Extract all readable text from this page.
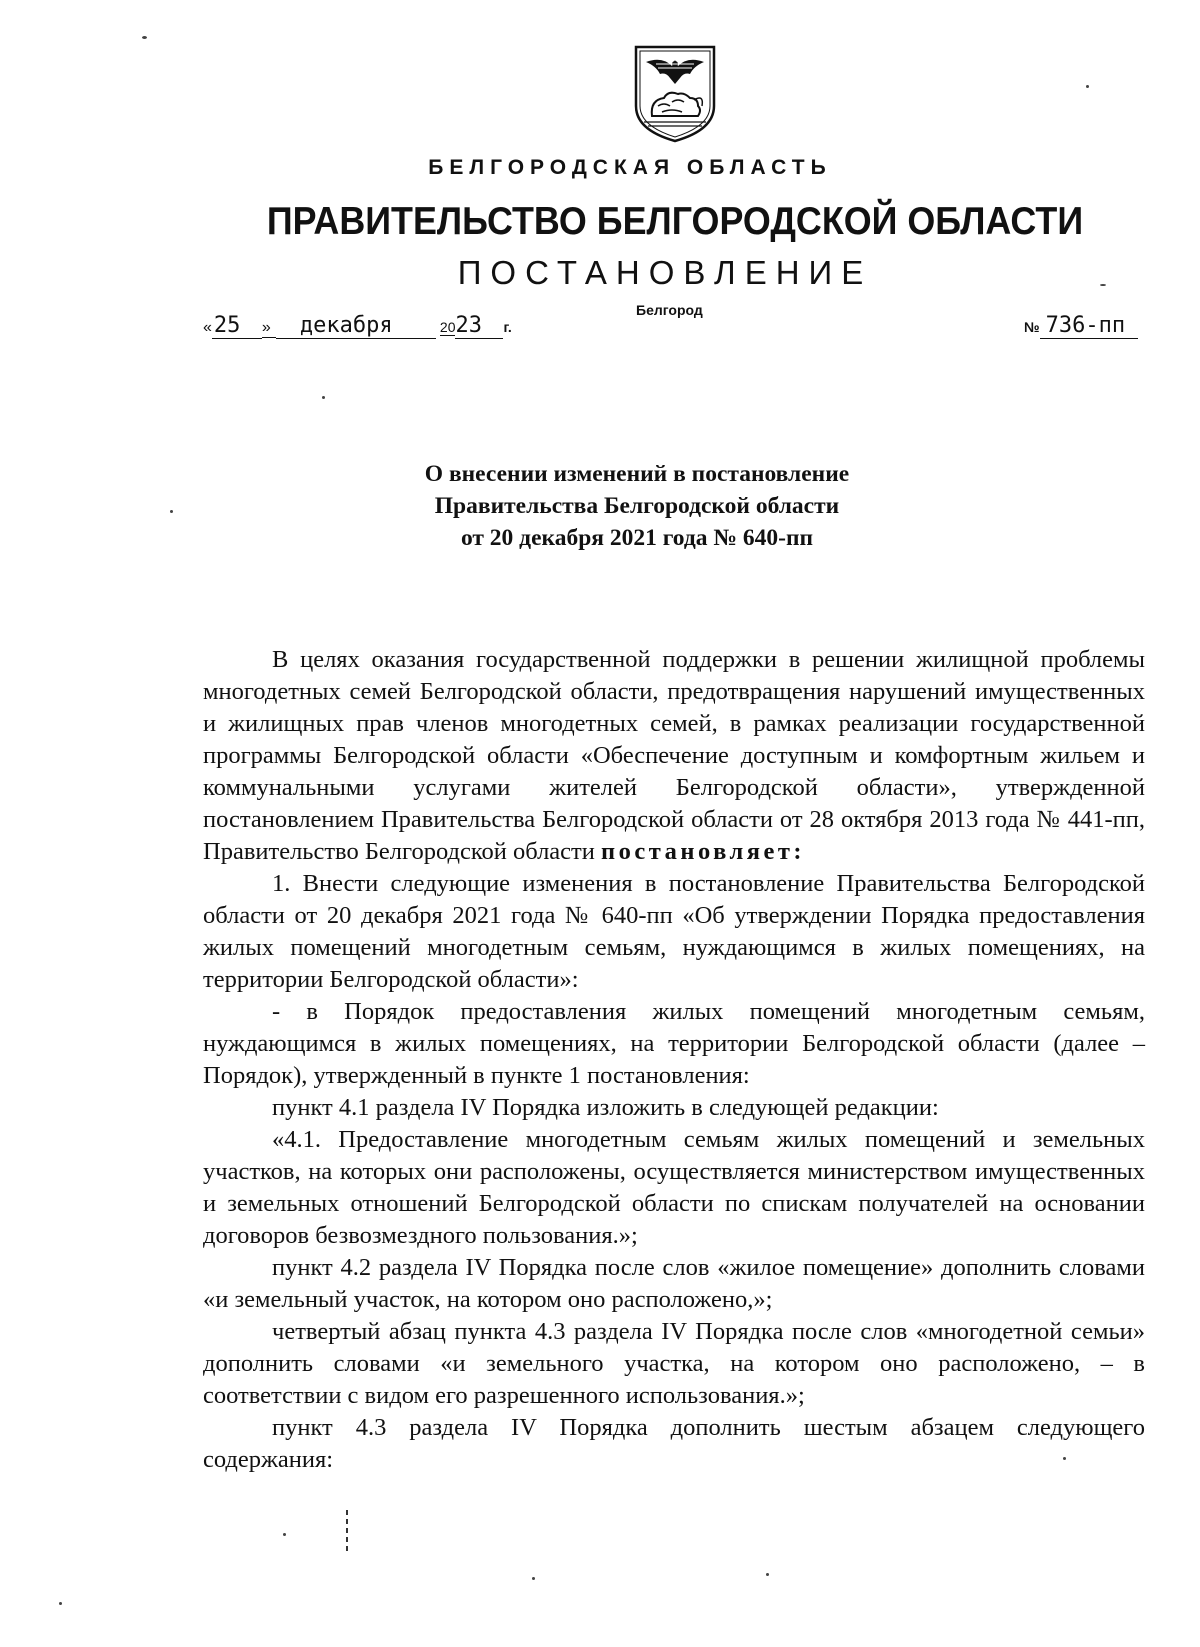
БЕЛГОРОДСКАЯ ОБЛАСТЬ
ПРАВИТЕЛЬСТВО БЕЛГОРОДСКОЙ ОБЛАСТИ
ПОСТАНОВЛЕНИЕ
Белгород
«25 » декабря	2023 г.	№ 736-пп
О внесении изменений в постановление
Правительства Белгородской области
от 20 декабря 2021 года № 640-пп

В целях оказания государственной поддержки в решении жилищной проблемы многодетных семей Белгородской области, предотвращения нарушений имущественных и жилищных прав членов многодетных семей, в рамках реализации государственной программы Белгородской области «Обеспечение доступным и комфортным жильем и коммунальными услугами жителей Белгородской области», утвержденной постановлением Правительства Белгородской области от 28 октября 2013 года № 441-пп, Правительство Белгородской области постановляет:

1. Внести следующие изменения в постановление Правительства Белгородской области от 20 декабря 2021 года № 640-пп «Об утверждении Порядка предоставления жилых помещений многодетным семьям, нуждающимся в жилых помещениях, на территории Белгородской области»:

- в Порядок предоставления жилых помещений многодетным семьям, нуждающимся в жилых помещениях, на территории Белгородской области (далее – Порядок), утвержденный в пункте 1 постановления:

пункт 4.1 раздела IV Порядка изложить в следующей редакции:

«4.1. Предоставление многодетным семьям жилых помещений и земельных участков, на которых они расположены, осуществляется министерством имущественных и земельных отношений Белгородской области по спискам получателей на основании договоров безвозмездного пользования.»;

пункт 4.2 раздела IV Порядка после слов «жилое помещение» дополнить словами «и земельный участок, на котором оно расположено,»;

четвертый абзац пункта 4.3 раздела IV Порядка после слов «многодетной семьи» дополнить словами «и земельного участка, на котором оно расположено, – в соответствии с видом его разрешенного использования.»;

пункт 4.3 раздела IV Порядка дополнить шестым абзацем следующего содержания:
